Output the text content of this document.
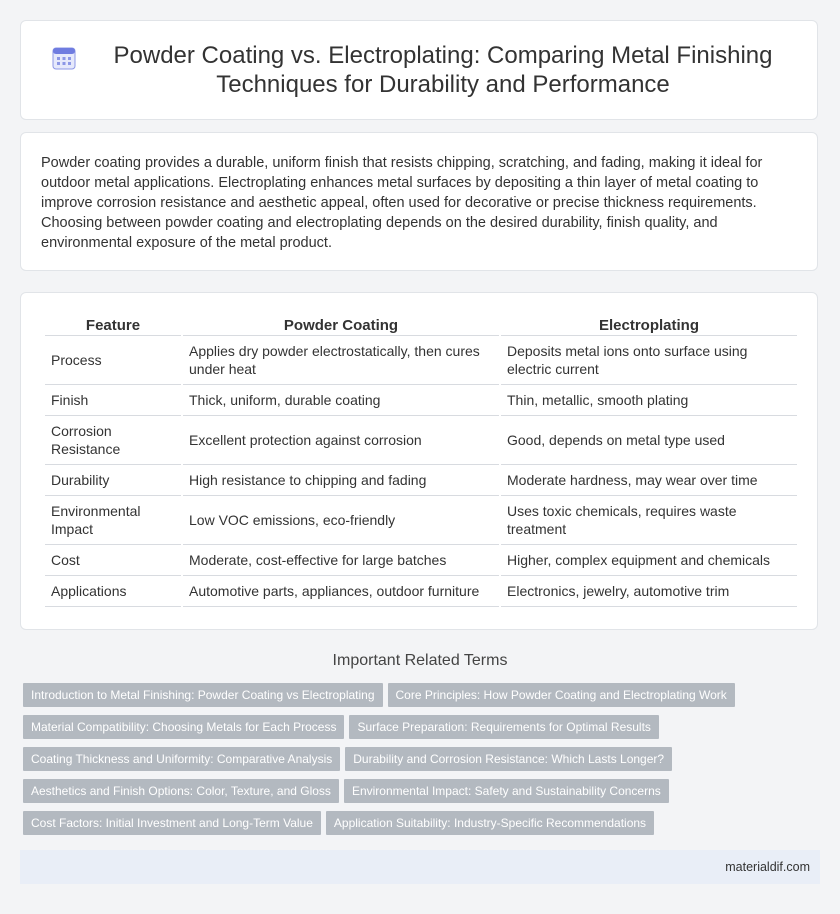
Powder Coating vs. Electroplating: Comparing Metal Finishing Techniques for Durability and Performance

Powder coating provides a durable, uniform finish that resists chipping, scratching, and fading, making it ideal for outdoor metal applications. Electroplating enhances metal surfaces by depositing a thin layer of metal coating to improve corrosion resistance and aesthetic appeal, often used for decorative or precise thickness requirements. Choosing between powder coating and electroplating depends on the desired durability, finish quality, and environmental exposure of the metal product.

Feature	Powder Coating	Electroplating
Process	Applies dry powder electrostatically, then cures under heat	Deposits metal ions onto surface using electric current
Finish	Thick, uniform, durable coating	Thin, metallic, smooth plating
Corrosion Resistance	Excellent protection against corrosion	Good, depends on metal type used
Durability	High resistance to chipping and fading	Moderate hardness, may wear over time
Environmental Impact	Low VOC emissions, eco-friendly	Uses toxic chemicals, requires waste treatment
Cost	Moderate, cost-effective for large batches	Higher, complex equipment and chemicals
Applications	Automotive parts, appliances, outdoor furniture	Electronics, jewelry, automotive trim
Important Related Terms
Introduction to Metal Finishing: Powder Coating vs Electroplating Core Principles: How Powder Coating and Electroplating Work
Material Compatibility: Choosing Metals for Each Process Surface Preparation: Requirements for Optimal Results
Coating Thickness and Uniformity: Comparative Analysis Durability and Corrosion Resistance: Which Lasts Longer?
Aesthetics and Finish Options: Color, Texture, and Gloss Environmental Impact: Safety and Sustainability Concerns
Cost Factors: Initial Investment and Long-Term Value Application Suitability: Industry-Specific Recommendations
materialdif.com
